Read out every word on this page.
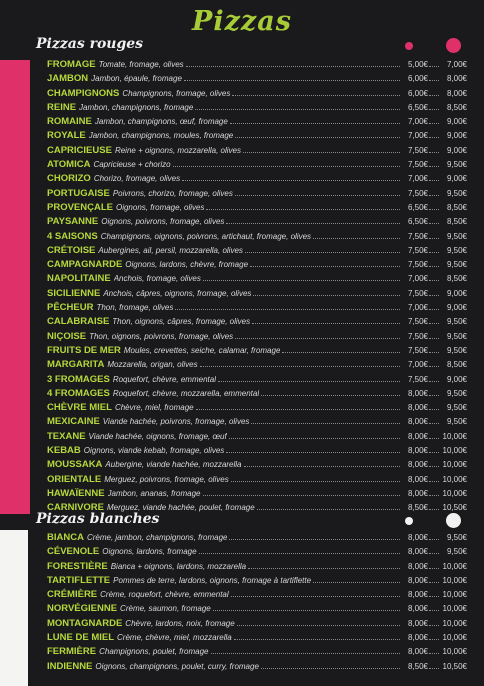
Pizzas
Pizzas rouges
FROMAGE Tomate, fromage, olives	5,00€	7,00€
JAMBON Jambon, épaule, fromage	6,00€	8,00€
CHAMPIGNONS Champignons, fromage, olives	6,00€	8,00€
REINE Jambon, champignons, fromage	6,50€	8,50€
ROMAINE Jambon, champignons, œuf, fromage	7,00€	9,00€
ROYALE Jambon, champignons, moules, fromage	7,00€	9,00€
CAPRICIEUSE Reine + oignons, mozzarella, olives	7,50€	9,00€
ATOMICA Capricieuse + chorizo	7,50€	9,50€
CHORIZO Chorizo, fromage, olives	7,00€	9,00€
PORTUGAISE Poivrons, chorizo, fromage, olives	7,50€	9,50€
PROVENÇALE Oignons, fromage, olives	6,50€	8,50€
PAYSANNE Oignons, poivrons, fromage, olives	6,50€	8,50€
4 SAISONS Champignons, oignons, poivrons, artichaut, fromage, olives	7,50€	9,50€
CRÉTOISE Aubergines, ail, persil, mozzarella, olives	7,50€	9,50€
CAMPAGNARDE Oignons, lardons, chèvre, fromage	7,50€	9,50€
NAPOLITAINE Anchois, fromage, olives	7,00€	8,50€
SICILIENNE Anchois, câpres, oignons, fromage, olives	7,50€	9,00€
PÊCHEUR Thon, fromage, olives	7,00€	9,00€
CALABRAISE Thon, oignons, câpres, fromage, olives	7,50€	9,50€
NIÇOISE Thon, oignons, poivrons, fromage, olives	7,50€	9,50€
FRUITS DE MER Moules, crevettes, seiche, calamar, fromage	7,50€	9,50€
MARGARITA Mozzarella, origan, olives	7,00€	8,50€
3 FROMAGES Roquefort, chèvre, emmental	7,50€	9,00€
4 FROMAGES Roquefort, chèvre, mozzarella, emmental	8,00€	9,50€
CHÈVRE MIEL Chèvre, miel, fromage	8,00€	9,50€
MEXICAINE Viande hachée, poivrons, fromage, olives	8,00€	9,50€
TEXANE Viande hachée, oignons, fromage, œuf	8,00€	10,00€
KEBAB Oignons, viande kebab, fromage, olives	8,00€	10,00€
MOUSSAKA Aubergine, viande hachée, mozzarella	8,00€	10,00€
ORIENTALE Merguez, poivrons, fromage, olives	8,00€	10,00€
HAWAÏENNE Jambon, ananas, fromage	8,00€	10,00€
CARNIVORE Merguez, viande hachée, poulet, fromage	8,50€	10,50€
Pizzas blanches
BIANCA Crème, jambon, champignons, fromage	8,00€	9,50€
CÉVENOLE Oignons, lardons, fromage	8,00€	9,50€
FORESTIÈRE Bianca + oignons, lardons, mozzarella	8,00€	10,00€
TARTIFLETTE Pommes de terre, lardons, oignons, fromage à tartiflette	8,00€	10,00€
CRÉMIÈRE Crème, roquefort, chèvre, emmental	8,00€	10,00€
NORVÉGIENNE Crème, saumon, fromage	8,00€	10,00€
MONTAGNARDE Chèvre, lardons, noix, fromage	8,00€	10,00€
LUNE DE MIEL Crème, chèvre, miel, mozzarella	8,00€	10,00€
FERMIÈRE Champignons, poulet, fromage	8,00€	10,00€
INDIENNE Oignons, champignons, poulet, curry, fromage	8,50€	10,50€
